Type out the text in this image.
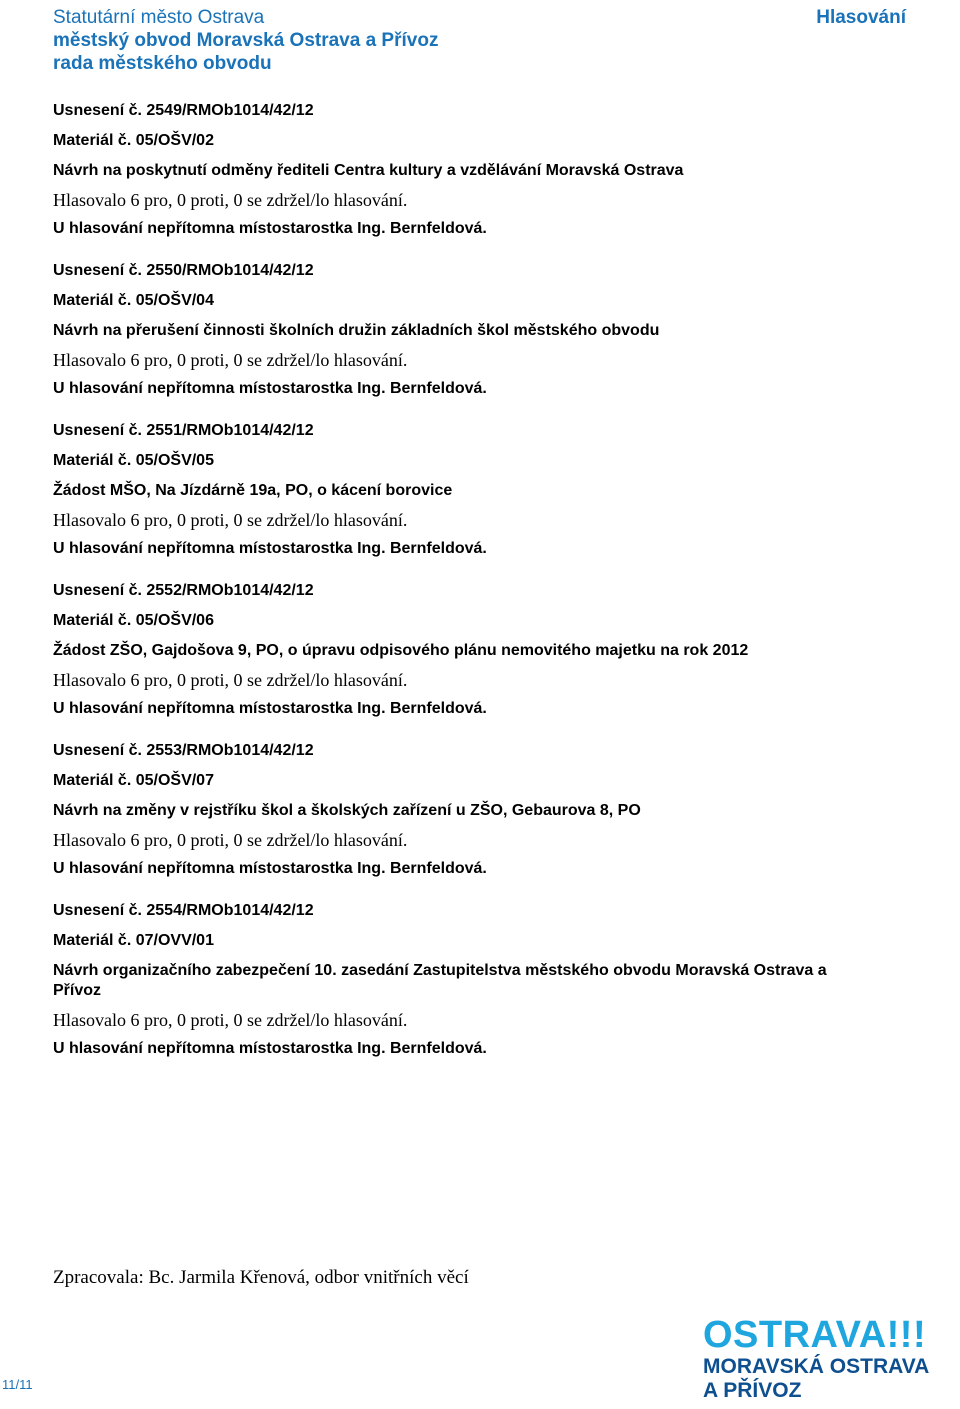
Statutární město Ostrava
městský obvod Moravská Ostrava a Přívoz
rada městského obvodu
Hlasování
Usnesení č. 2549/RMOb1014/42/12
Materiál č. 05/OŠV/02
Návrh na poskytnutí odměny řediteli Centra kultury a vzdělávání Moravská Ostrava
Hlasovalo 6 pro, 0 proti, 0 se zdržel/lo hlasování.
U hlasování nepřítomna místostarostka Ing. Bernfeldová.
Usnesení č. 2550/RMOb1014/42/12
Materiál č. 05/OŠV/04
Návrh na přerušení činnosti školních družin základních škol městského obvodu
Hlasovalo 6 pro, 0 proti, 0 se zdržel/lo hlasování.
U hlasování nepřítomna místostarostka Ing. Bernfeldová.
Usnesení č. 2551/RMOb1014/42/12
Materiál č. 05/OŠV/05
Žádost MŠO, Na Jízdárně 19a, PO, o kácení borovice
Hlasovalo 6 pro, 0 proti, 0 se zdržel/lo hlasování.
U hlasování nepřítomna místostarostka Ing. Bernfeldová.
Usnesení č. 2552/RMOb1014/42/12
Materiál č. 05/OŠV/06
Žádost ZŠO, Gajdošova 9, PO, o úpravu odpisového plánu nemovitého majetku na rok 2012
Hlasovalo 6 pro, 0 proti, 0 se zdržel/lo hlasování.
U hlasování nepřítomna místostarostka Ing. Bernfeldová.
Usnesení č. 2553/RMOb1014/42/12
Materiál č. 05/OŠV/07
Návrh na změny v rejstříku škol a školských zařízení u ZŠO, Gebaurova 8, PO
Hlasovalo 6 pro, 0 proti, 0 se zdržel/lo hlasování.
U hlasování nepřítomna místostarostka Ing. Bernfeldová.
Usnesení č. 2554/RMOb1014/42/12
Materiál č. 07/OVV/01
Návrh organizačního zabezpečení 10. zasedání Zastupitelstva městského obvodu Moravská Ostrava a Přívoz
Hlasovalo 6 pro, 0 proti, 0 se zdržel/lo hlasování.
U hlasování nepřítomna místostarostka Ing. Bernfeldová.
Zpracovala: Bc. Jarmila Křenová, odbor vnitřních věcí
11/11
OSTRAVA!!!
MORAVSKÁ OSTRAVA
A PŘÍVOZ
